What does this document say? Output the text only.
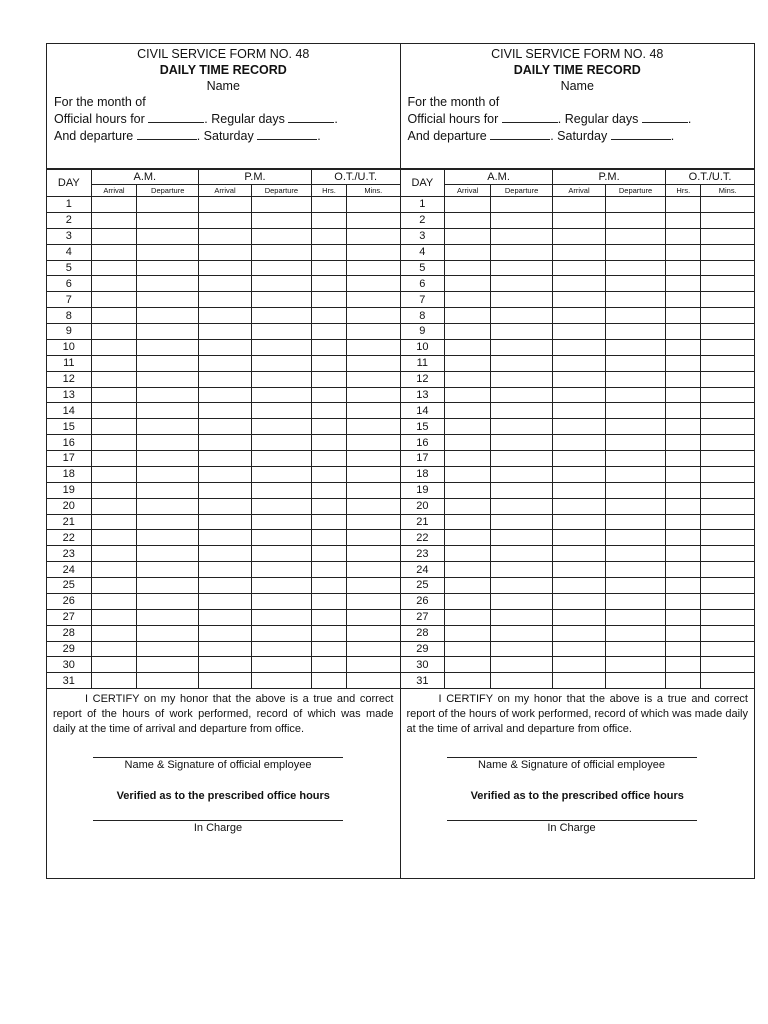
CIVIL SERVICE FORM NO. 48
DAILY TIME RECORD
Name
For the month of
Official hours for	. Regular days	.
And departure	. Saturday	.
DAY	A.M.		P.M.		O.T./U.T.	
	Arrival	Departure	Arrival	Departure	Hrs.	Mins.
1						
2						
3						
4						
5						
6						
7						
8						
9						
10						
11						
12						
13						
14						
15						
16						
17						
18						
19						
20						
21						
22						
23						
24						
25						
26						
27						
28						
29						
30						
31						

I CERTIFY on my honor that the above is a true and correct report of the hours of work performed, record of which was made daily at the time of arrival and departure from office.

Name & Signature of official employee
Verified as to the prescribed office hours
In Charge
CIVIL SERVICE FORM NO. 48
DAILY TIME RECORD
Name
For the month of
Official hours for	. Regular days	.
And departure	. Saturday	.
DAY	A.M.		P.M.		O.T./U.T.	
	Arrival	Departure	Arrival	Departure	Hrs.	Mins.
1						
2						
3						
4						
5						
6						
7						
8						
9						
10						
11						
12						
13						
14						
15						
16						
17						
18						
19						
20						
21						
22						
23						
24						
25						
26						
27						
28						
29						
30						
31						

I CERTIFY on my honor that the above is a true and correct report of the hours of work performed, record of which was made daily at the time of arrival and departure from office.

Name & Signature of official employee
Verified as to the prescribed office hours
In Charge
